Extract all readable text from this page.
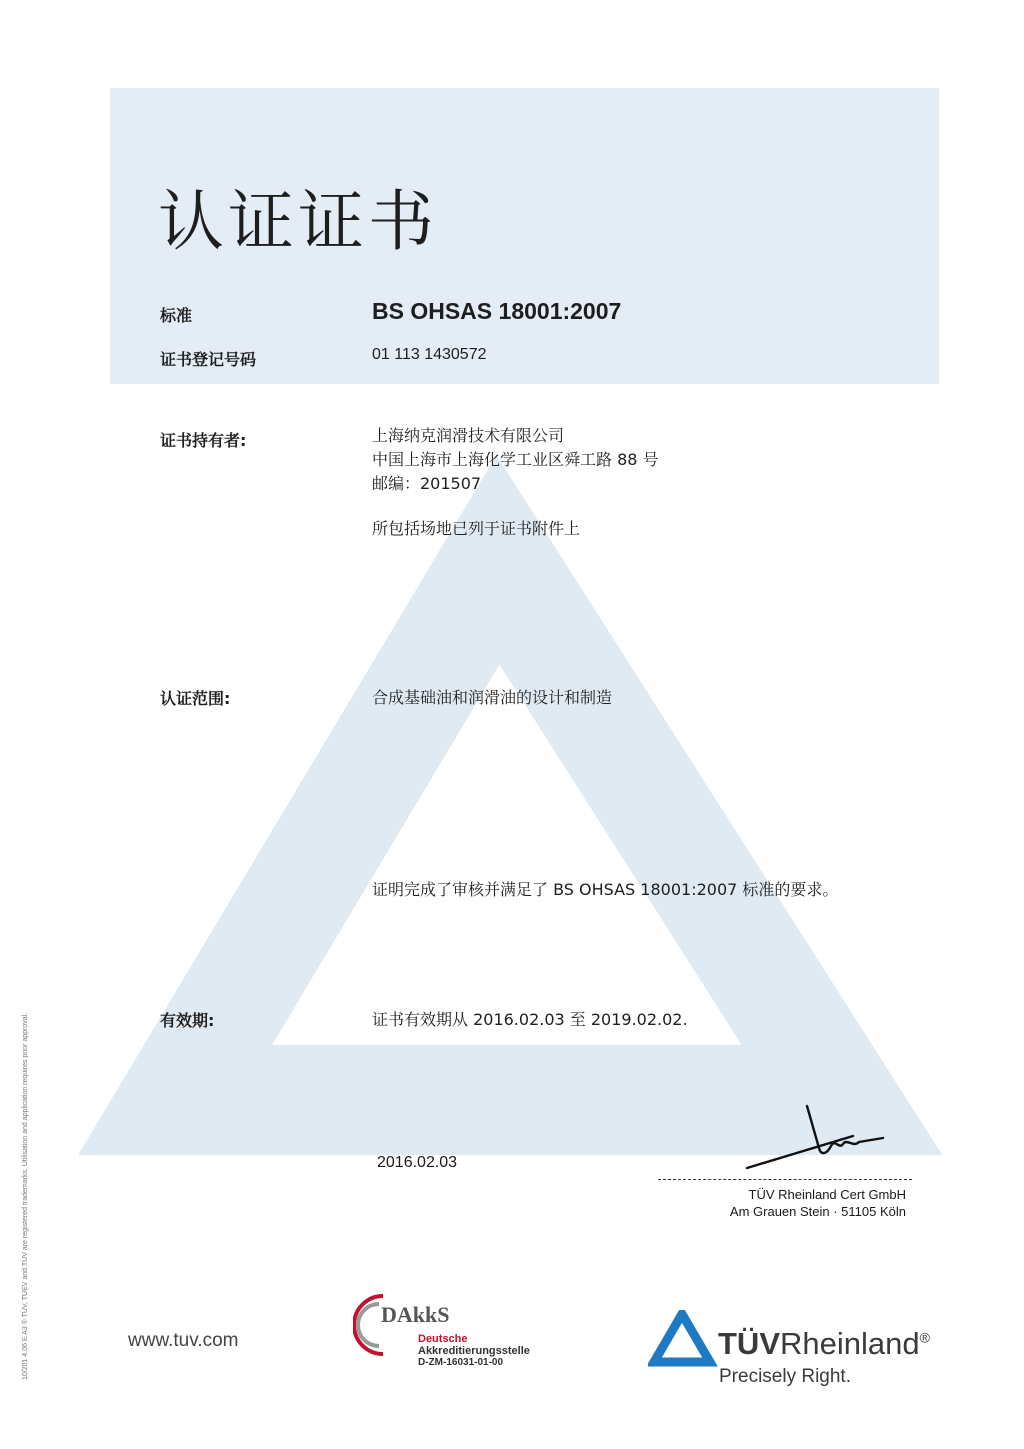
认证证书
标准	BS OHSAS 18001:2007
证书登记号码	01 113 1430572
证书持有者:	上海纳克润滑技术有限公司
中国上海市上海化学工业区舜工路 88 号
邮编：201507
所包括场地已列于证书附件上
认证范围:	合成基础油和润滑油的设计和制造
证明完成了审核并满足了 BS OHSAS 18001:2007 标准的要求。
有效期:	证书有效期从 2016.02.03 至 2019.02.02.
2016.02.03
TÜV Rheinland Cert GmbH
Am Grauen Stein · 51105 Köln
www.tuv.com
DAkkS
Deutsche
Akkreditierungsstelle
D-ZM-16031-01-00
TÜVRheinland®
Precisely Right.
10/201 4.06 E A3 ® TÜV, TUEV and TUV are registered trademarks. Utilisation and application requires prior approval.
